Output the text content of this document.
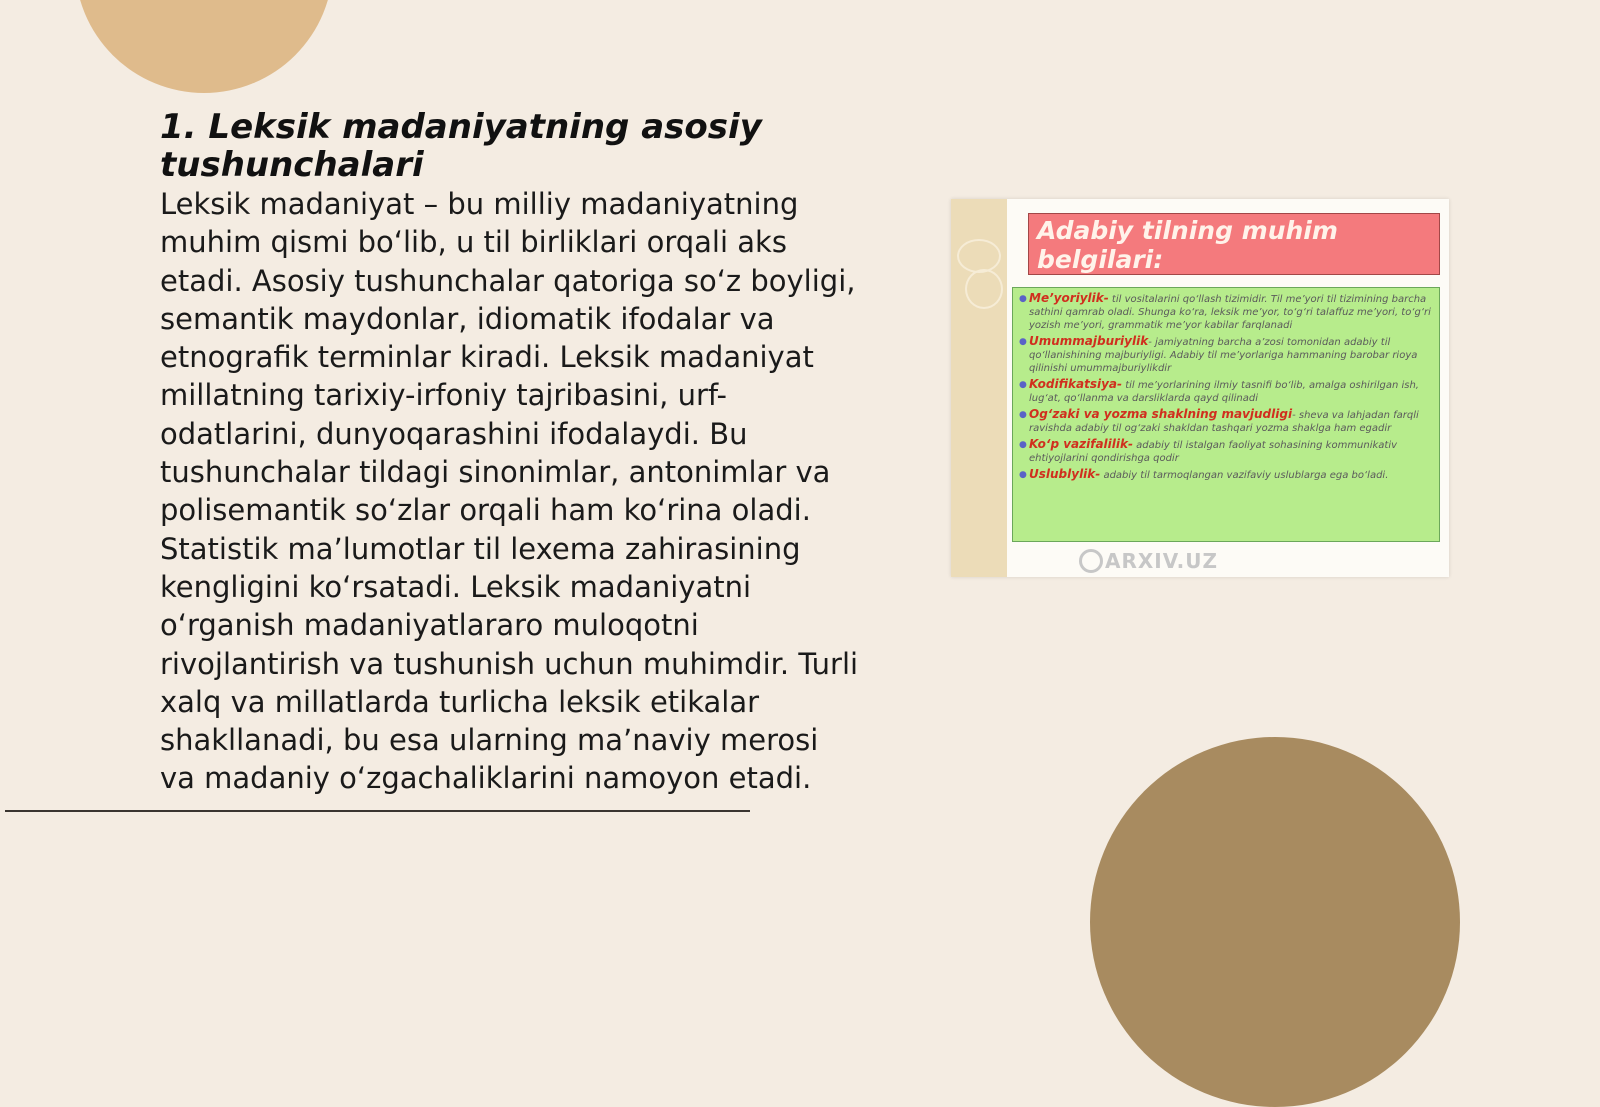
1. Leksik madaniyatning asosiy tushunchalari

Leksik madaniyat – bu milliy madaniyatning muhim qismi bo‘lib, u til birliklari orqali aks etadi. Asosiy tushunchalar qatoriga so‘z boyligi, semantik maydonlar, idiomatik ifodalar va etnografik terminlar kiradi. Leksik madaniyat millatning tarixiy-irfoniy tajribasini, urf-odatlarini, dunyoqarashini ifodalaydi. Bu tushunchalar tildagi sinonimlar, antonimlar va polisemantik so‘zlar orqali ham ko‘rina oladi. Statistik ma’lumotlar til lexema zahirasining kengligini ko‘rsatadi. Leksik madaniyatni o‘rganish madaniyatlararo muloqotni rivojlantirish va tushunish uchun muhimdir. Turli xalq va millatlarda turlicha leksik etikalar shakllanadi, bu esa ularning ma’naviy merosi va madaniy o‘zgachaliklarini namoyon etadi.

Adabiy tilning muhim belgilari:
● Me’yoriylik- til vositalarini qo‘llash tizimidir. Til me’yori til tizimining barcha sathini qamrab oladi. Shunga ko‘ra, leksik me’yor, to‘g‘ri talaffuz me’yori, to‘g‘ri yozish me’yori, grammatik me’yor kabilar farqlanadi
● Umummajburiylik- jamiyatning barcha a’zosi tomonidan adabiy til qo‘llanishining majburiyligi. Adabiy til me’yorlariga hammaning barobar rioya qilinishi umummajburiylikdir
● Kodifikatsiya- til me’yorlarining ilmiy tasnifi bo‘lib, amalga oshirilgan ish, lug‘at, qo‘llanma va darsliklarda qayd qilinadi
● Og‘zaki va yozma shaklning mavjudligi- sheva va lahjadan farqli ravishda adabiy til og‘zaki shakldan tashqari yozma shaklga ham egadir
● Ko‘p vazifalilik- adabiy til istalgan faoliyat sohasining kommunikativ ehtiyojlarini qondirishga qodir
● Uslublylik- adabiy til tarmoqlangan vazifaviy uslublarga ega bo‘ladi.
ARXIV.UZ
